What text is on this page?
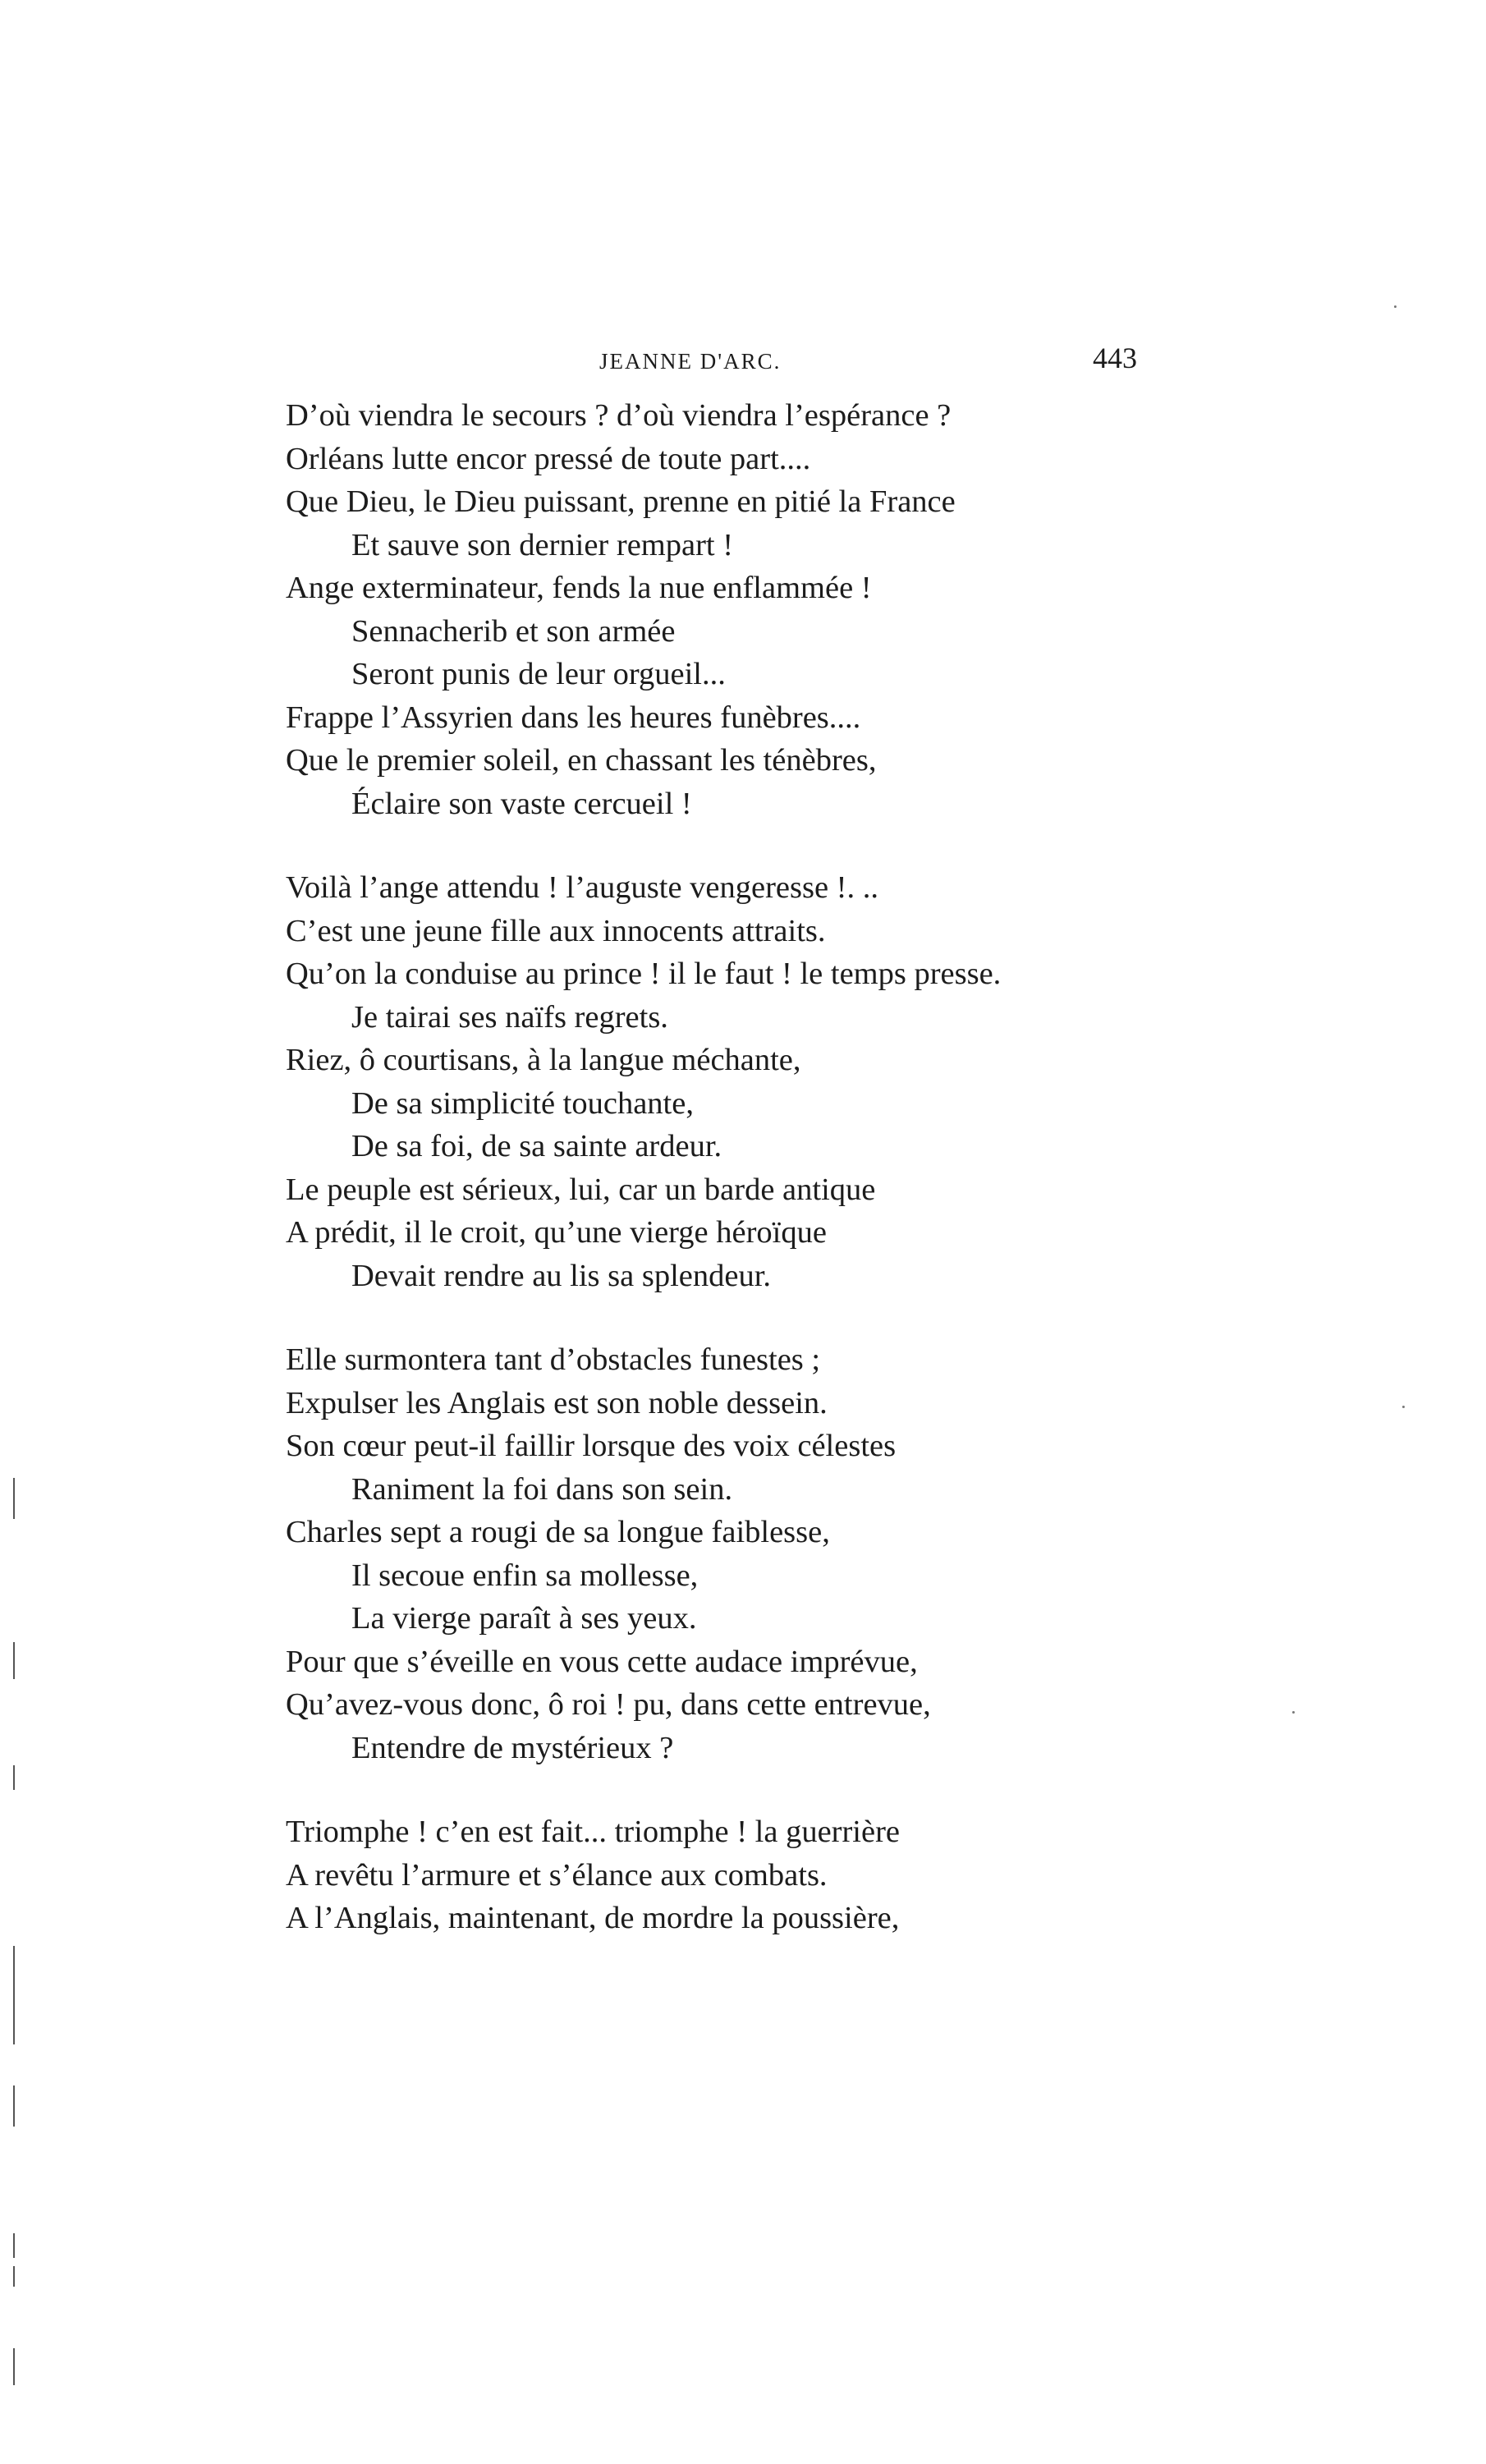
JEANNE D'ARC.	443
D’où viendra le secours ? d’où viendra l’espérance ?
Orléans lutte encor pressé de toute part....
Que Dieu, le Dieu puissant, prenne en pitié la France
Et sauve son dernier rempart !
Ange exterminateur, fends la nue enflammée !
Sennacherib et son armée
Seront punis de leur orgueil...
Frappe l’Assyrien dans les heures funèbres....
Que le premier soleil, en chassant les ténèbres,
Éclaire son vaste cercueil !
Voilà l’ange attendu ! l’auguste vengeresse !. ..
C’est une jeune fille aux innocents attraits.
Qu’on la conduise au prince ! il le faut ! le temps presse.
Je tairai ses naïfs regrets.
Riez, ô courtisans, à la langue méchante,
De sa simplicité touchante,
De sa foi, de sa sainte ardeur.
Le peuple est sérieux, lui, car un barde antique
A prédit, il le croit, qu’une vierge héroïque
Devait rendre au lis sa splendeur.
Elle surmontera tant d’obstacles funestes ;
Expulser les Anglais est son noble dessein.
Son cœur peut-il faillir lorsque des voix célestes
Raniment la foi dans son sein.
Charles sept a rougi de sa longue faiblesse,
Il secoue enfin sa mollesse,
La vierge paraît à ses yeux.
Pour que s’éveille en vous cette audace imprévue,
Qu’avez-vous donc, ô roi ! pu, dans cette entrevue,
Entendre de mystérieux ?
Triomphe ! c’en est fait... triomphe ! la guerrière
A revêtu l’armure et s’élance aux combats.
A l’Anglais, maintenant, de mordre la poussière,
